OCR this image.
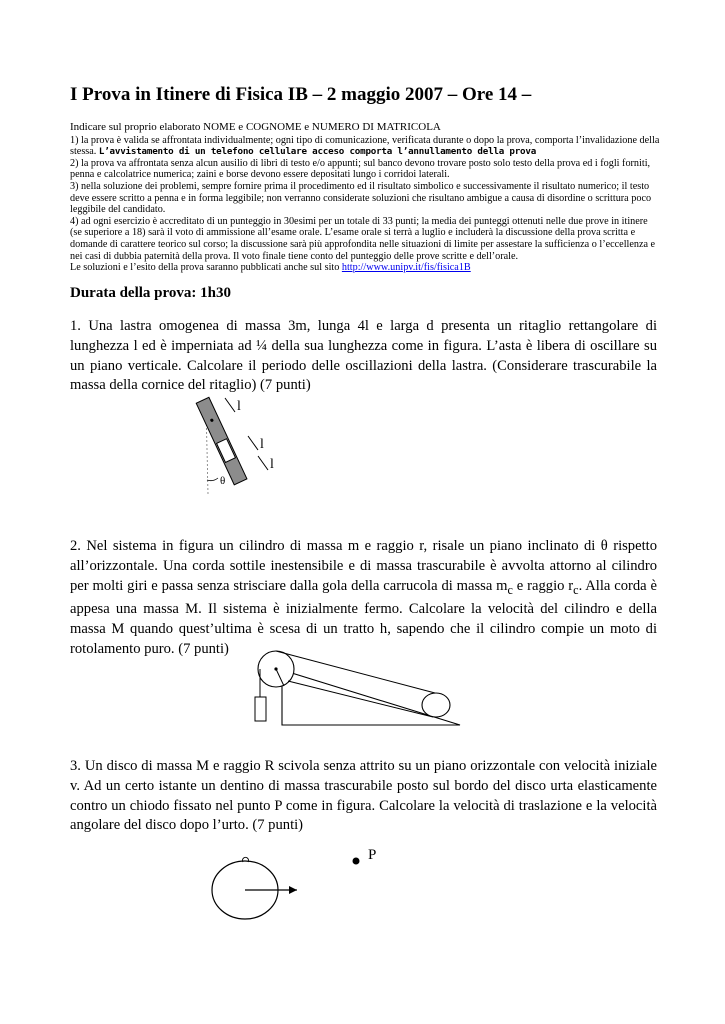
I Prova in Itinere di Fisica IB – 2 maggio 2007 – Ore 14 –
Indicare sul proprio elaborato NOME e COGNOME e NUMERO DI MATRICOLA
1) la prova è valida se affrontata individualmente; ogni tipo di comunicazione, verificata durante o dopo la prova, comporta l’invalidazione della stessa. L’avvistamento di un telefono cellulare acceso comporta l’annullamento della prova
2) la prova va affrontata senza alcun ausilio di libri di testo e/o appunti; sul banco devono trovare posto solo testo della prova ed i fogli forniti, penna e calcolatrice numerica; zaini e borse devono essere depositati lungo i corridoi laterali.
3) nella soluzione dei problemi, sempre fornire prima il procedimento ed il risultato simbolico e successivamente il risultato numerico; il testo deve essere scritto a penna e in forma leggibile; non verranno considerate soluzioni che risultano ambigue a causa di disordine o scrittura poco leggibile del candidato.
4) ad ogni esercizio è accreditato di un punteggio in 30esimi per un totale di 33 punti; la media dei punteggi ottenuti nelle due prove in itinere (se superiore a 18) sarà il voto di ammissione all’esame orale. L’esame orale si terrà a luglio e includerà la discussione della prova scritta e domande di carattere teorico sul corso; la discussione sarà più approfondita nelle situazioni di limite per assestare la sufficienza o l’eccellenza e nei casi di dubbia paternità della prova. Il voto finale tiene conto del punteggio delle prove scritte e dell’orale.
Le soluzioni e l’esito della prova saranno pubblicati anche sul sito http://www.unipv.it/fis/fisica1B
Durata della prova: 1h30
1. Una lastra omogenea di massa 3m, lunga 4l e larga d presenta un ritaglio rettangolare di lunghezza l ed è imperniata ad ¼ della sua lunghezza come in figura. L’asta è libera di oscillare su un piano verticale. Calcolare il periodo delle oscillazioni della lastra. (Considerare trascurabile la massa della cornice del ritaglio) (7 punti)
θ
l
l
l
2. Nel sistema in figura un cilindro di massa m e raggio r, risale un piano inclinato di θ rispetto all’orizzontale. Una corda sottile inestensibile e di massa trascurabile è avvolta attorno al cilindro per molti giri e passa senza strisciare dalla gola della carrucola di massa $m_c$ e raggio $r_c$. Alla corda è appesa una massa M. Il sistema è inizialmente fermo. Calcolare la velocità del cilindro e della massa M quando quest’ultima è scesa di un tratto h, sapendo che il cilindro compie un moto di rotolamento puro. (7 punti)
3. Un disco di massa M e raggio R scivola senza attrito su un piano orizzontale con velocità iniziale v. Ad un certo istante un dentino di massa trascurabile posto sul bordo del disco urta elasticamente contro un chiodo fissato nel punto P come in figura. Calcolare la velocità di traslazione e la velocità angolare del disco dopo l’urto. (7 punti)
P
